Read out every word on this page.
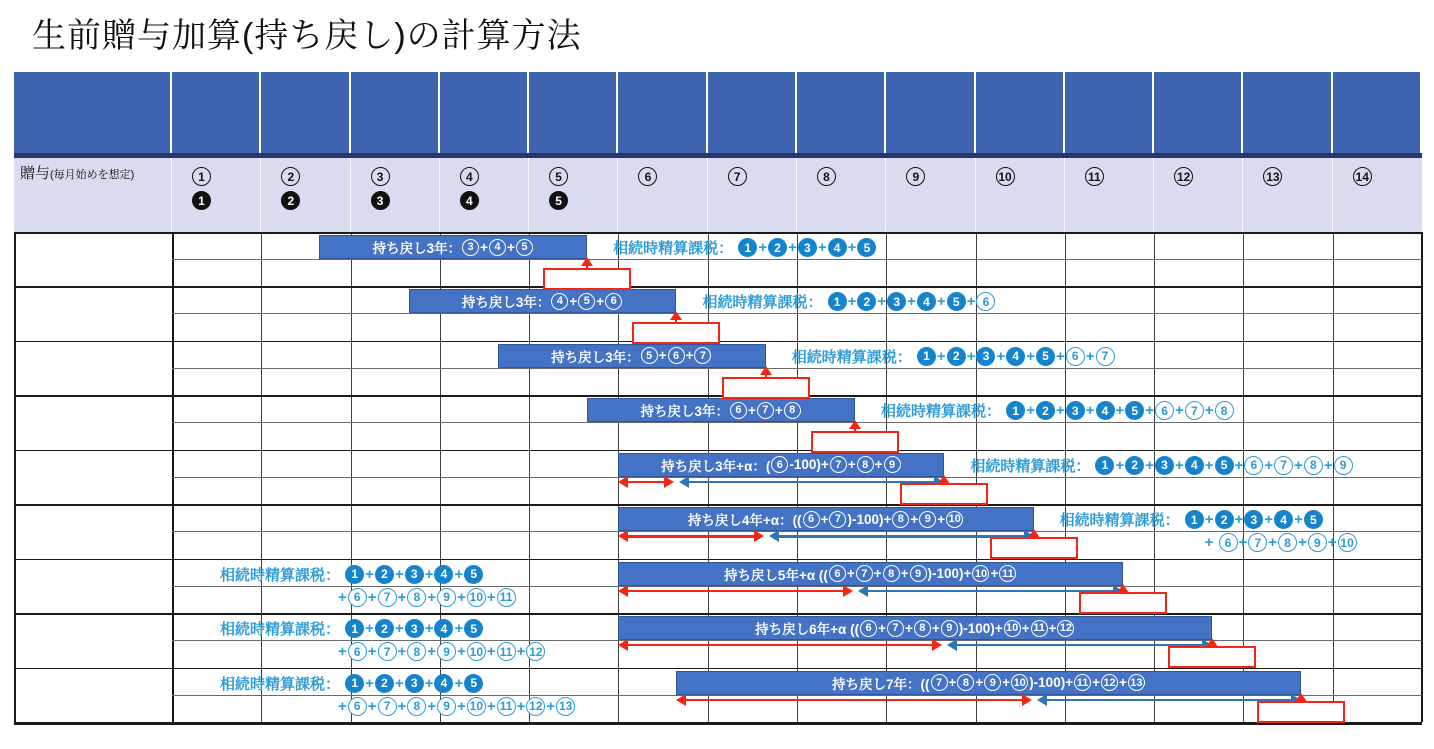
生前贈与加算(持ち戻し)の計算方法
贈与(毎月始めを想定)	1
1
2
2
3
3
4
4
5
5
6	7	8	9	10	11	12	13	14
持ち戻し3年： 3 + 4 + 5	相続時精算課税： 1 + 2 + 3 + 4 + 5
持ち戻し3年： 4 + 5 + 6	相続時精算課税： 1 + 2 + 3 + 4 + 5 + 6
持ち戻し3年： 5 + 6 + 7	相続時精算課税： 1 + 2 + 3 + 4 + 5 + 6 + 7
持ち戻し3年： 6 + 7 + 8	相続時精算課税： 1 + 2 + 3 + 4 + 5 + 6 + 7 + 8
持ち戻し3年+α：( 6 -100)+ 7 + 8 + 9	相続時精算課税： 1 + 2 + 3 + 4 + 5 + 6 + 7 + 8 + 9
持ち戻し4年+α：(( 6 + 7 )-100)+ 8 + 9 + 10	相続時精算課税： 1 + 2 + 3 + 4 + 5
+ 6 + 7 + 8 + 9 + 10
持ち戻し5年+α (( 6 + 7 + 8 + 9 )-100)+ 10 + 11
相続時精算課税： 1 + 2 + 3 + 4 + 5
+ 6 + 7 + 8 + 9 + 10 + 11
持ち戻し6年+α (( 6 + 7 + 8 + 9 )-100)+ 10 + 11 + 12
相続時精算課税： 1 + 2 + 3 + 4 + 5
+ 6 + 7 + 8 + 9 + 10 + 11 + 12
持ち戻し7年：(( 7 + 8 + 9 + 10 )-100)+ 11 + 12 + 13
相続時精算課税： 1 + 2 + 3 + 4 + 5
+ 6 + 7 + 8 + 9 + 10 + 11 + 12 + 13
